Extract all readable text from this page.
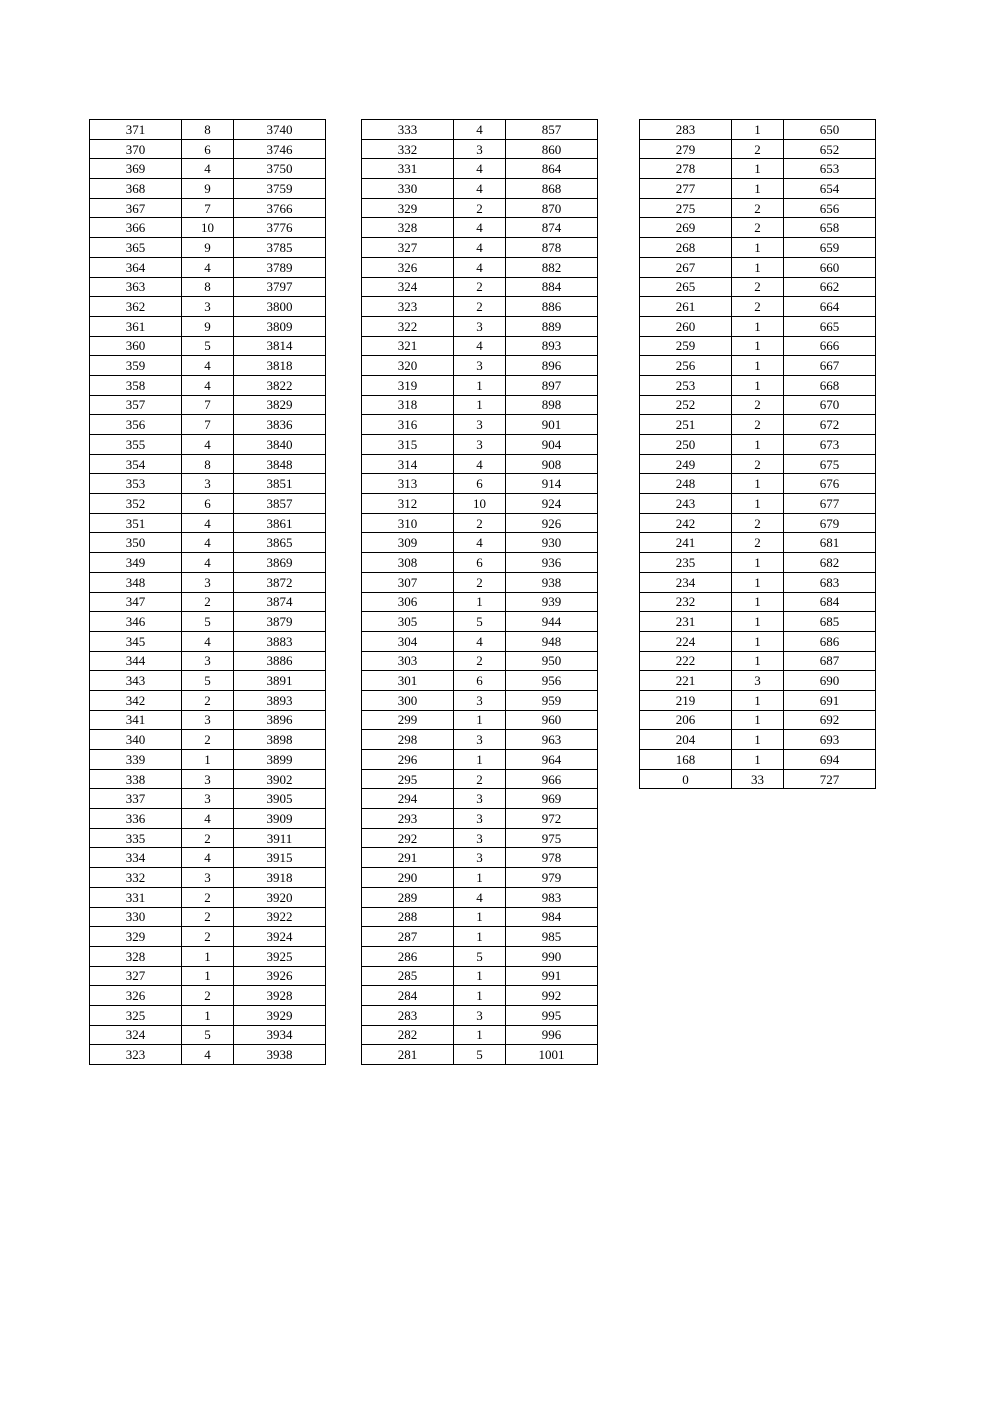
371	8	3740
370	6	3746
369	4	3750
368	9	3759
367	7	3766
366	10	3776
365	9	3785
364	4	3789
363	8	3797
362	3	3800
361	9	3809
360	5	3814
359	4	3818
358	4	3822
357	7	3829
356	7	3836
355	4	3840
354	8	3848
353	3	3851
352	6	3857
351	4	3861
350	4	3865
349	4	3869
348	3	3872
347	2	3874
346	5	3879
345	4	3883
344	3	3886
343	5	3891
342	2	3893
341	3	3896
340	2	3898
339	1	3899
338	3	3902
337	3	3905
336	4	3909
335	2	3911
334	4	3915
332	3	3918
331	2	3920
330	2	3922
329	2	3924
328	1	3925
327	1	3926
326	2	3928
325	1	3929
324	5	3934
323	4	3938
333	4	857
332	3	860
331	4	864
330	4	868
329	2	870
328	4	874
327	4	878
326	4	882
324	2	884
323	2	886
322	3	889
321	4	893
320	3	896
319	1	897
318	1	898
316	3	901
315	3	904
314	4	908
313	6	914
312	10	924
310	2	926
309	4	930
308	6	936
307	2	938
306	1	939
305	5	944
304	4	948
303	2	950
301	6	956
300	3	959
299	1	960
298	3	963
296	1	964
295	2	966
294	3	969
293	3	972
292	3	975
291	3	978
290	1	979
289	4	983
288	1	984
287	1	985
286	5	990
285	1	991
284	1	992
283	3	995
282	1	996
281	5	1001
283	1	650
279	2	652
278	1	653
277	1	654
275	2	656
269	2	658
268	1	659
267	1	660
265	2	662
261	2	664
260	1	665
259	1	666
256	1	667
253	1	668
252	2	670
251	2	672
250	1	673
249	2	675
248	1	676
243	1	677
242	2	679
241	2	681
235	1	682
234	1	683
232	1	684
231	1	685
224	1	686
222	1	687
221	3	690
219	1	691
206	1	692
204	1	693
168	1	694
0	33	727
